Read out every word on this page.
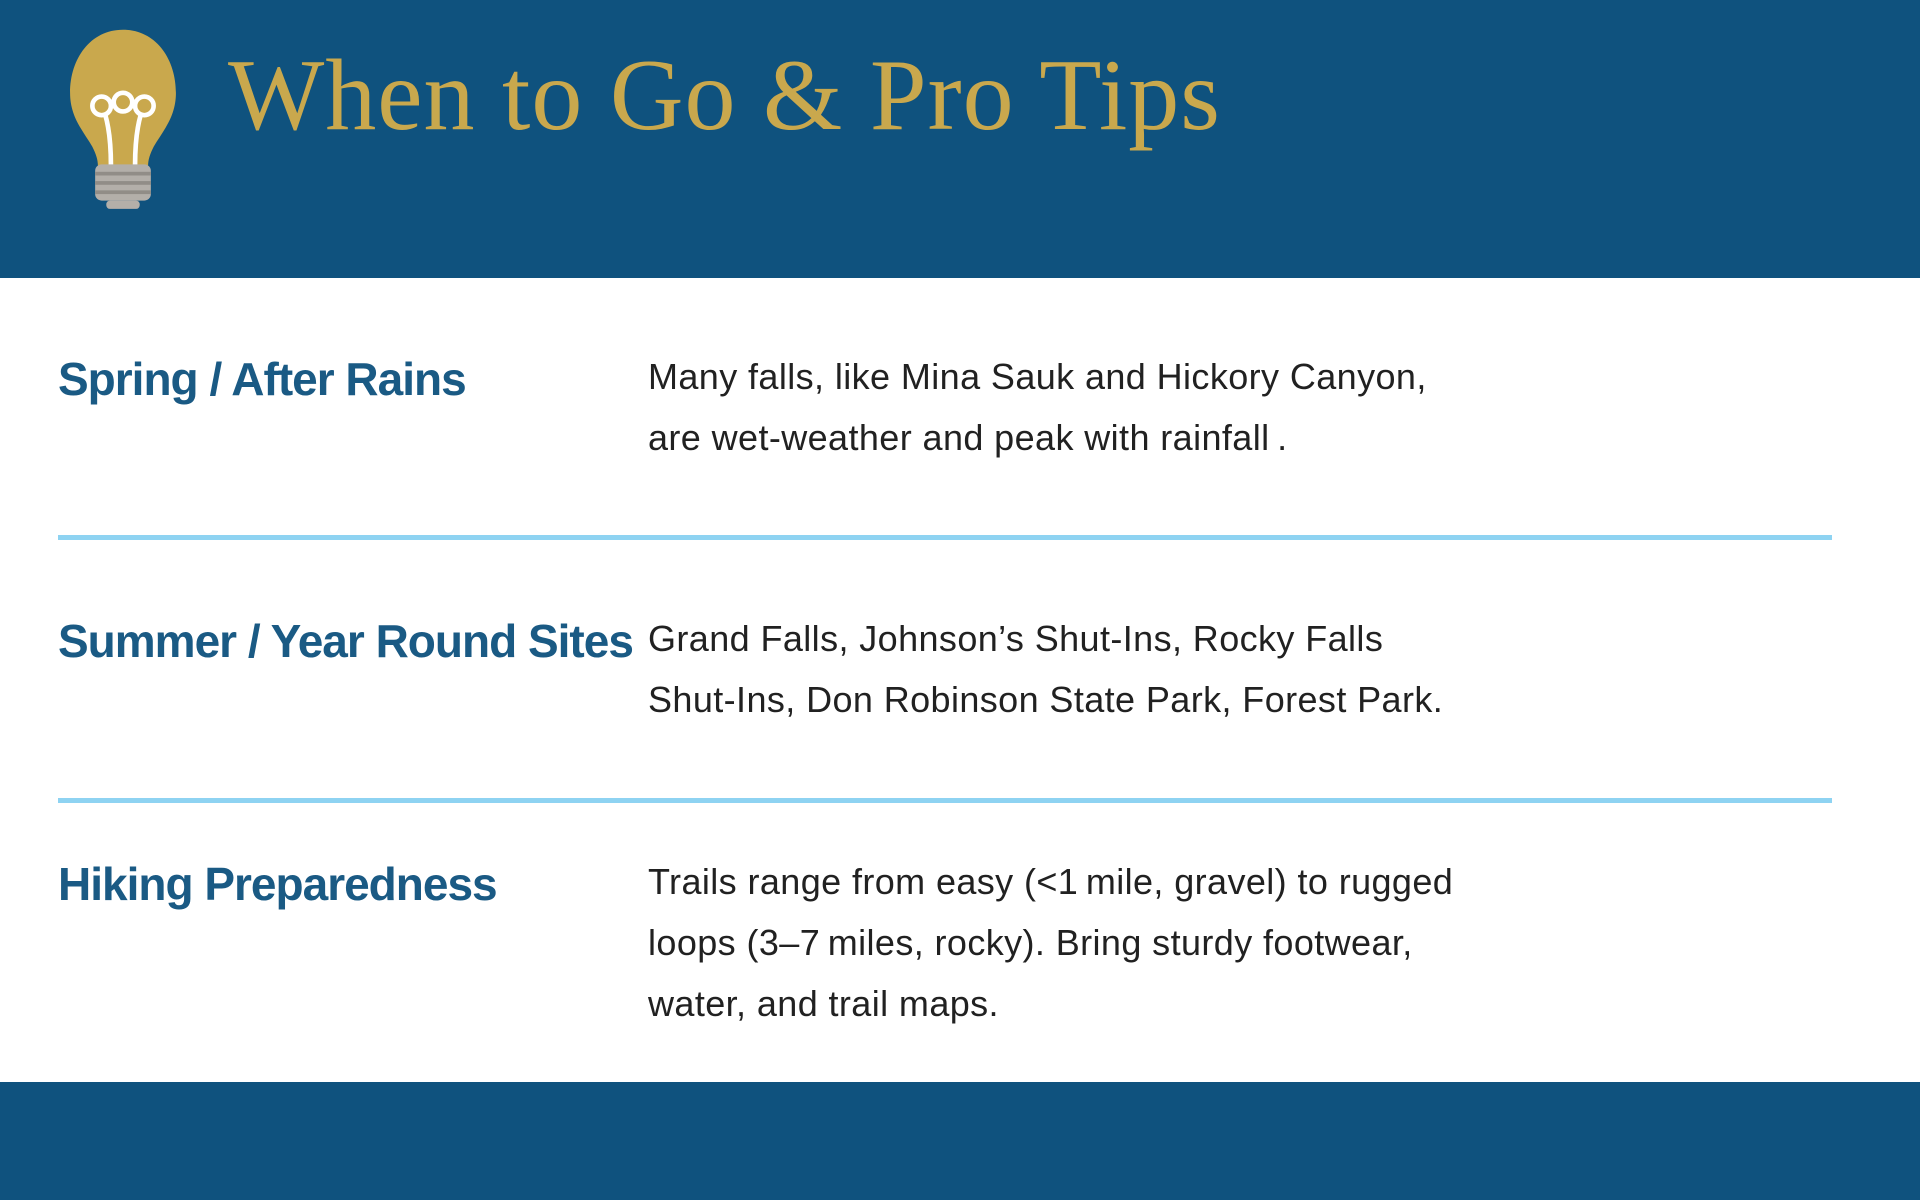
When to Go & Pro Tips
Spring / After Rains	Many falls, like Mina Sauk and Hickory Canyon,
are wet-weather and peak with rainfall .
Summer / Year Round Sites Grand Falls, Johnson’s Shut-Ins, Rocky Falls
Shut-Ins, Don Robinson State Park, Forest Park.
Hiking Preparedness	Trails range from easy (<1 mile, gravel) to rugged
loops (3–7 miles, rocky). Bring sturdy footwear,
water, and trail maps.
